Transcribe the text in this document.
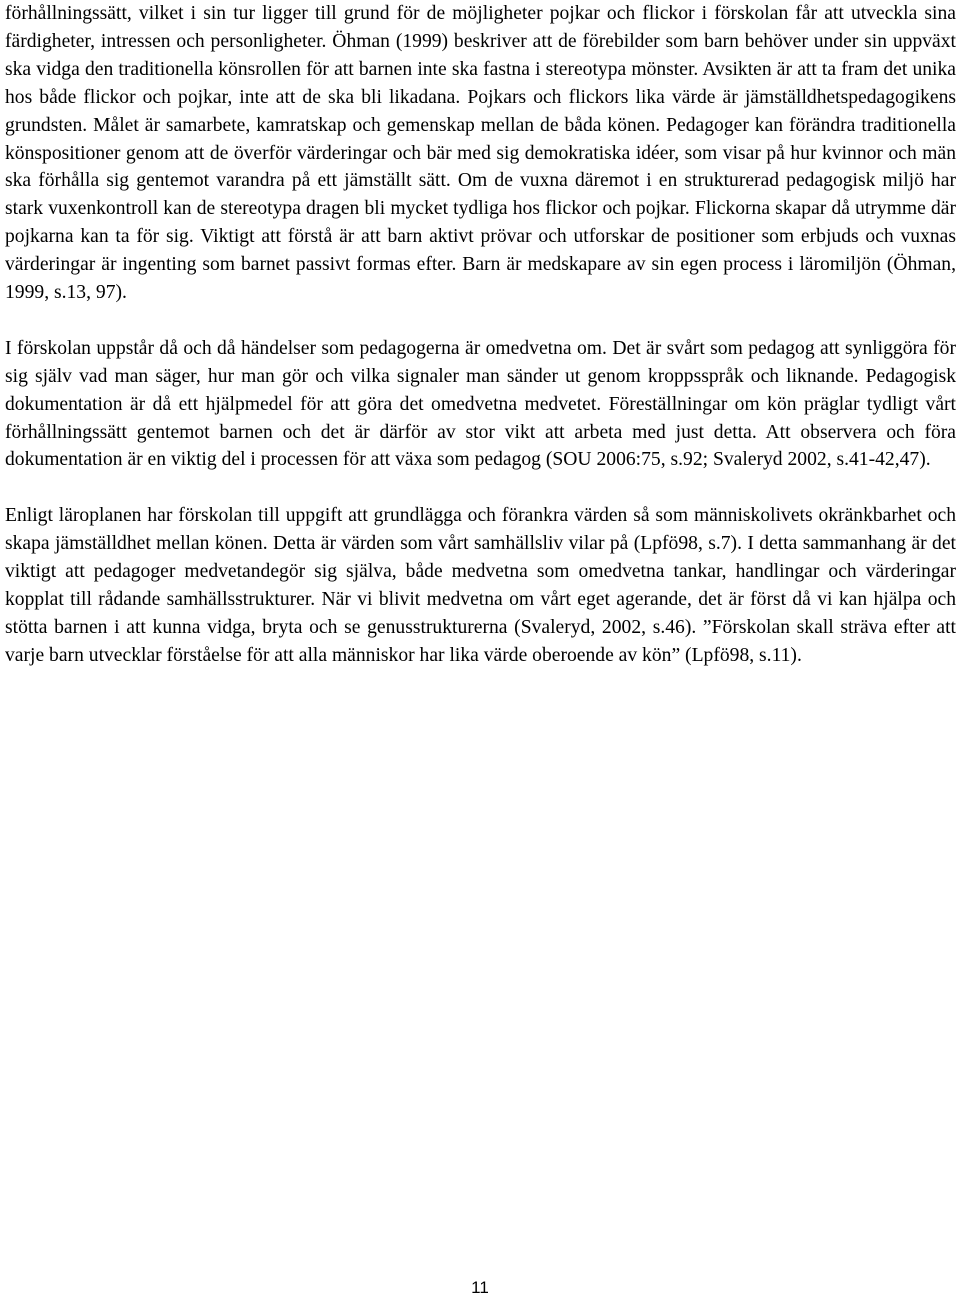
förhållningssätt, vilket i sin tur ligger till grund för de möjligheter pojkar och flickor i förskolan får att utveckla sina färdigheter, intressen och personligheter. Öhman (1999) beskriver att de förebilder som barn behöver under sin uppväxt ska vidga den traditionella könsrollen för att barnen inte ska fastna i stereotypa mönster. Avsikten är att ta fram det unika hos både flickor och pojkar, inte att de ska bli likadana. Pojkars och flickors lika värde är jämställdhetspedagogikens grundsten. Målet är samarbete, kamratskap och gemenskap mellan de båda könen. Pedagoger kan förändra traditionella könspositioner genom att de överför värderingar och bär med sig demokratiska idéer, som visar på hur kvinnor och män ska förhålla sig gentemot varandra på ett jämställt sätt. Om de vuxna däremot i en strukturerad pedagogisk miljö har stark vuxenkontroll kan de stereotypa dragen bli mycket tydliga hos flickor och pojkar. Flickorna skapar då utrymme där pojkarna kan ta för sig. Viktigt att förstå är att barn aktivt prövar och utforskar de positioner som erbjuds och vuxnas värderingar är ingenting som barnet passivt formas efter. Barn är medskapare av sin egen process i läromiljön (Öhman, 1999, s.13, 97).

I förskolan uppstår då och då händelser som pedagogerna är omedvetna om. Det är svårt som pedagog att synliggöra för sig själv vad man säger, hur man gör och vilka signaler man sänder ut genom kroppsspråk och liknande. Pedagogisk dokumentation är då ett hjälpmedel för att göra det omedvetna medvetet. Föreställningar om kön präglar tydligt vårt förhållningssätt gentemot barnen och det är därför av stor vikt att arbeta med just detta. Att observera och föra dokumentation är en viktig del i processen för att växa som pedagog (SOU 2006:75, s.92; Svaleryd 2002, s.41-42,47).

Enligt läroplanen har förskolan till uppgift att grundlägga och förankra värden så som människolivets okränkbarhet och skapa jämställdhet mellan könen. Detta är värden som vårt samhällsliv vilar på (Lpfö98, s.7). I detta sammanhang är det viktigt att pedagoger medvetandegör sig själva, både medvetna som omedvetna tankar, handlingar och värderingar kopplat till rådande samhällsstrukturer. När vi blivit medvetna om vårt eget agerande, det är först då vi kan hjälpa och stötta barnen i att kunna vidga, bryta och se genusstrukturerna (Svaleryd, 2002, s.46). ”Förskolan skall sträva efter att varje barn utvecklar förståelse för att alla människor har lika värde oberoende av kön” (Lpfö98, s.11).

11
